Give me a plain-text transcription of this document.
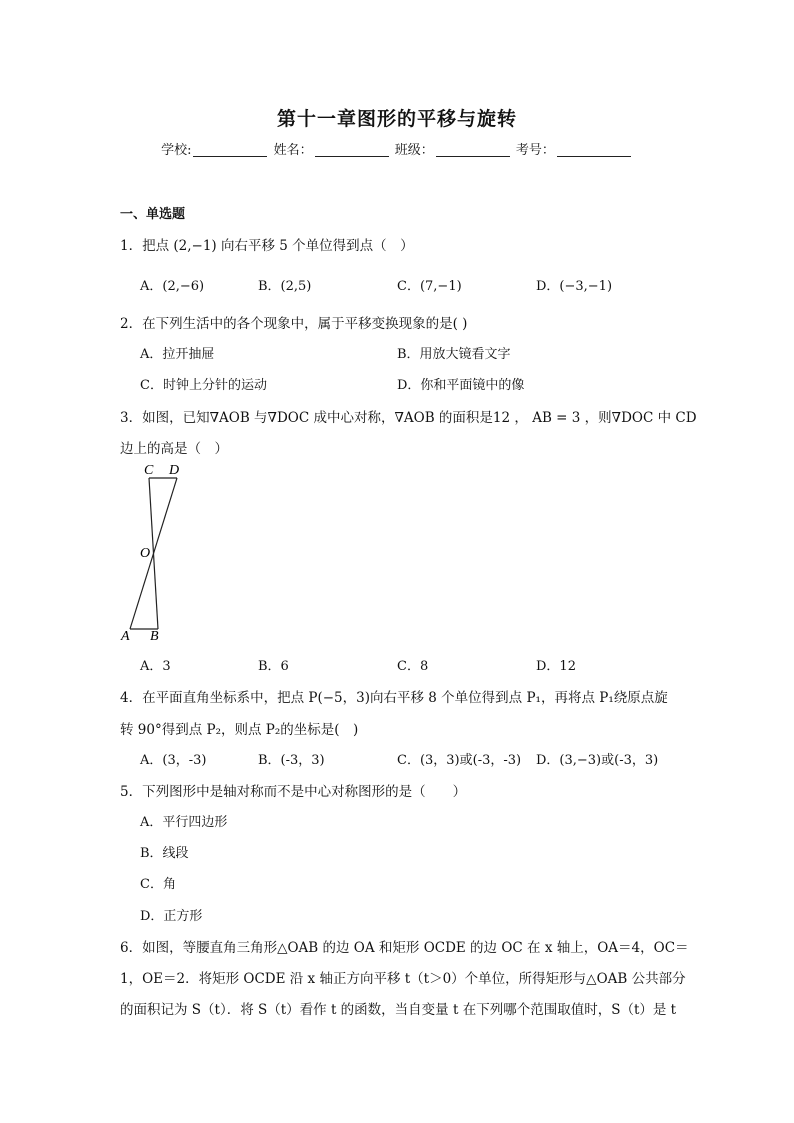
第十一章图形的平移与旋转
学校:	姓名：	班级：	考号：
一、单选题
1．把点 (2,−1) 向右平移 5 个单位得到点（　）
A．(2,−6)	B．(2,5)	C．(7,−1)	D．(−3,−1)
2．在下列生活中的各个现象中，属于平移变换现象的是( )
A．拉开抽屉	B．用放大镜看文字
C．时钟上分针的运动	D．你和平面镜中的像
3．如图，已知∇AOB 与∇DOC 成中心对称，∇AOB 的面积是12 ， AB = 3 ，则∇DOC 中 CD
边上的高是（　）
C D
O
A B
A．3	B．6	C．8	D．12
4．在平面直角坐标系中，把点 P(−5，3)向右平移 8 个单位得到点 P₁，再将点 P₁绕原点旋
转 90°得到点 P₂，则点 P₂的坐标是(　)
A．(3，-3)	B．(-3，3)	C．(3，3)或(-3，-3) D．(3,−3)或(-3，3)
5．下列图形中是轴对称而不是中心对称图形的是（　　）
A．平行四边形
B．线段
C．角
D．正方形
6．如图，等腰直角三角形△OAB 的边 OA 和矩形 OCDE 的边 OC 在 x 轴上，OA＝4，OC＝
1，OE＝2．将矩形 OCDE 沿 x 轴正方向平移 t（t＞0）个单位，所得矩形与△OAB 公共部分
的面积记为 S（t）．将 S（t）看作 t 的函数，当自变量 t 在下列哪个范围取值时，S（t）是 t
